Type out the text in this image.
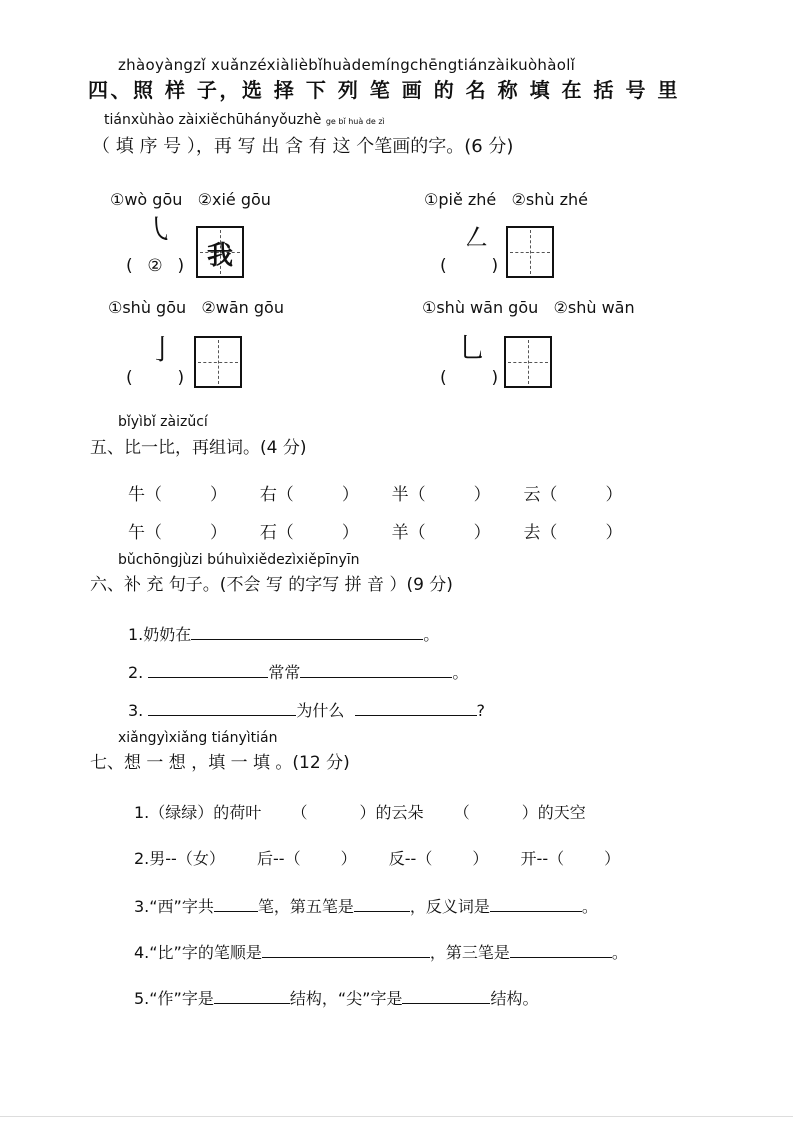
zhàoyàngzǐ xuǎnzéxiàlièbǐhuàdemíngchēngtiánzàikuòhàolǐ
四、照 样 子，选 择 下 列 笔 画 的 名 称 填 在 括 号 里
tiánxùhào zàixiěchūhányǒuzhè ge bǐ huà de zì
（ 填 序 号 ），再 写 出 含 有 这 个笔画的字。(6 分)
①wò gōu ②xié gōu
㇂
( ② ) 我
①piě zhé ②shù zhé
㇜
(	)
①shù gōu ②wān gōu
亅
(	)
①shù wān gōu ②shù wān
乚
(	)
bǐyìbǐ zàizǔcí
五、比一比，再组词。(4 分)
牛（	） 右（	） 半（	） 云（	）
午（	） 石（	） 羊（	） 去（	）
bǔchōngjùzi búhuìxiědezìxiěpīnyīn
六、补 充 句子。(不会 写 的字写 拼 音 ）(9 分)
1.奶奶在	。
2.	常常	。
3.	为什么	?
xiǎngyìxiǎng tiányìtián
七、想 一 想 ，填 一 填 。(12 分)
1.（绿绿）的荷叶 （	）的云朵 （	）的天空
2.男--（女） 后--（	） 反--（	） 开--（	）
3.“西”字共	笔，第五笔是	，反义词是	。
4.“比”字的笔顺是	，第三笔是	。
5.“作”字是	结构，“尖”字是	结构。
